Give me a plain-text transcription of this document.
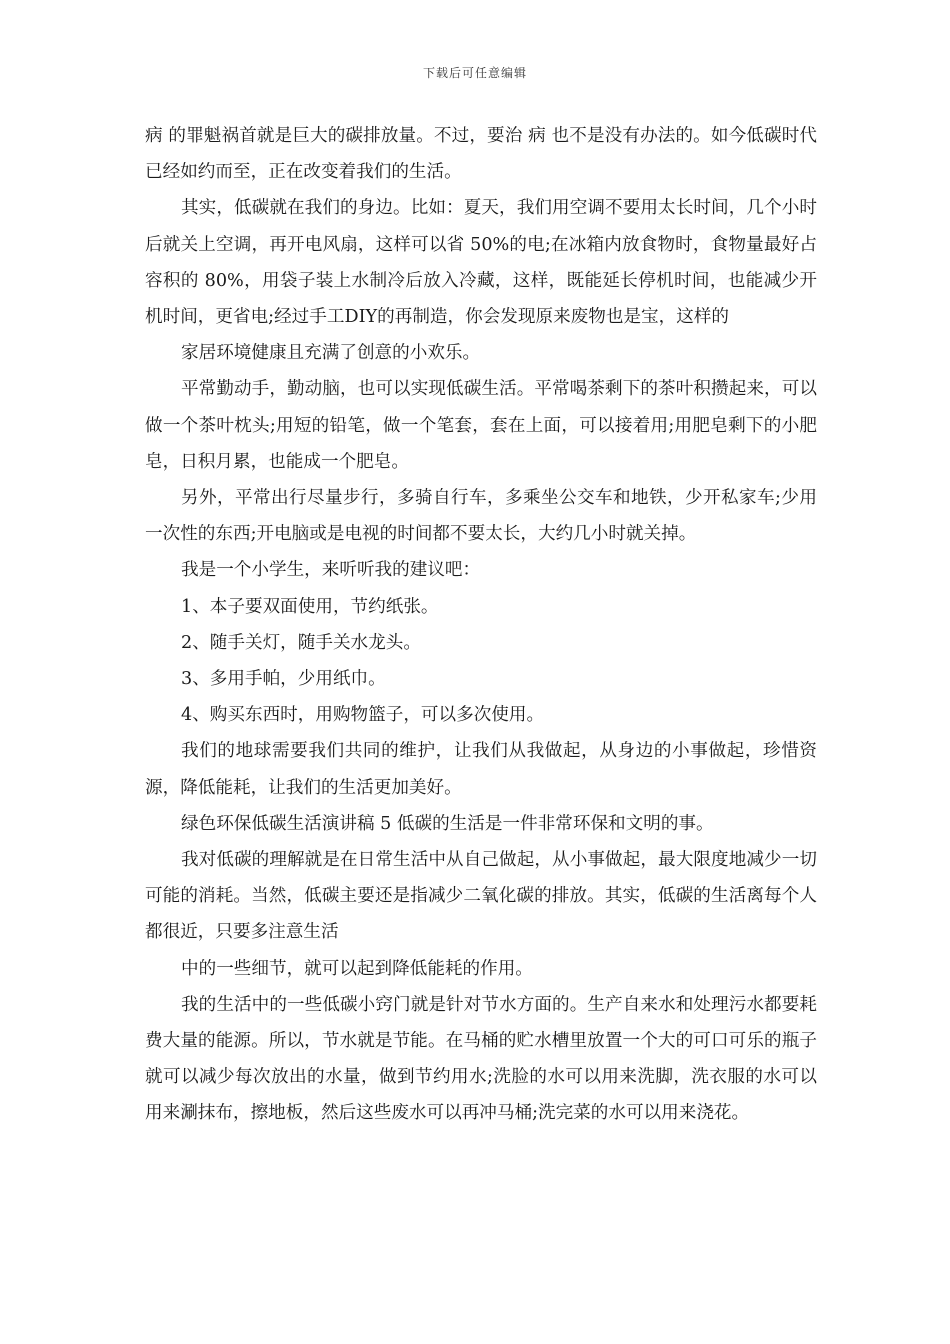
下载后可任意编辑

病 的罪魁祸首就是巨大的碳排放量。不过，要治 病 也不是没有办法的。如今低碳时代已经如约而至，正在改变着我们的生活。

其实，低碳就在我们的身边。比如：夏天，我们用空调不要用太长时间，几个小时后就关上空调，再开电风扇，这样可以省 50%的电;在冰箱内放食物时，食物量最好占容积的 80%，用袋子装上水制冷后放入冷藏，这样，既能延长停机时间，也能减少开机时间，更省电;经过手工DIY的再制造，你会发现原来废物也是宝，这样的

家居环境健康且充满了创意的小欢乐。

平常勤动手，勤动脑，也可以实现低碳生活。平常喝茶剩下的茶叶积攒起来，可以做一个茶叶枕头;用短的铅笔，做一个笔套，套在上面，可以接着用;用肥皂剩下的小肥皂，日积月累，也能成一个肥皂。

另外，平常出行尽量步行，多骑自行车，多乘坐公交车和地铁，少开私家车;少用一次性的东西;开电脑或是电视的时间都不要太长，大约几小时就关掉。

我是一个小学生，来听听我的建议吧：

1、本子要双面使用，节约纸张。

2、随手关灯，随手关水龙头。

3、多用手帕，少用纸巾。

4、购买东西时，用购物篮子，可以多次使用。

我们的地球需要我们共同的维护，让我们从我做起，从身边的小事做起，珍惜资源，降低能耗，让我们的生活更加美好。

绿色环保低碳生活演讲稿 5 低碳的生活是一件非常环保和文明的事。

我对低碳的理解就是在日常生活中从自己做起，从小事做起，最大限度地减少一切可能的消耗。当然，低碳主要还是指减少二氧化碳的排放。其实，低碳的生活离每个人都很近，只要多注意生活

中的一些细节，就可以起到降低能耗的作用。

我的生活中的一些低碳小窍门就是针对节水方面的。生产自来水和处理污水都要耗费大量的能源。所以，节水就是节能。在马桶的贮水槽里放置一个大的可口可乐的瓶子就可以减少每次放出的水量，做到节约用水;洗脸的水可以用来洗脚，洗衣服的水可以用来涮抹布，擦地板，然后这些废水可以再冲马桶;洗完菜的水可以用来浇花。
